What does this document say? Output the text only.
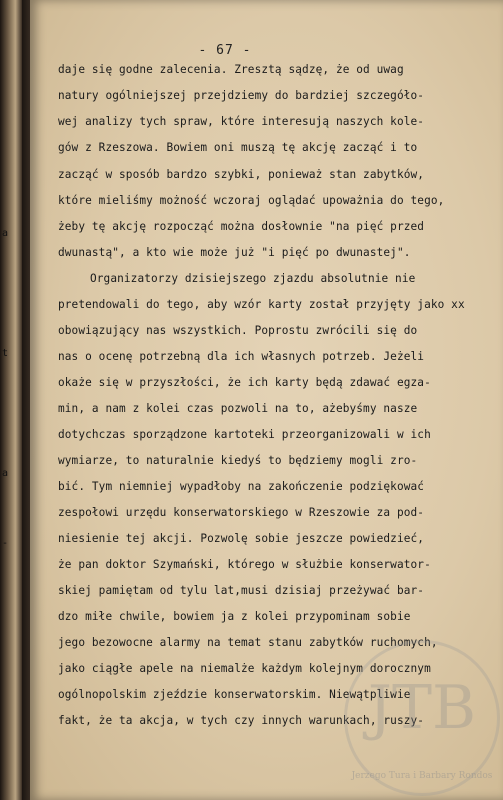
a
t
a
-
- 67 -

daje się godne zalecenia. Zresztą sądzę, że od uwag

natury ogólniejszej przejdziemy do bardziej szczegóło-

wej analizy tych spraw, które interesują naszych kole-

gów z Rzeszowa. Bowiem oni muszą tę akcję zacząć i to

zacząć w sposób bardzo szybki, ponieważ stan zabytków,

które mieliśmy możność wczoraj oglądać upoważnia do tego,

żeby tę akcję rozpocząć można dosłownie "na pięć przed

dwunastą", a kto wie może już "i pięć po dwunastej".

Organizatorzy dzisiejszego zjazdu absolutnie nie

pretendowali do tego, aby wzór karty został przyjęty jako xx

obowiązujący nas wszystkich. Poprostu zwrócili się do

nas o ocenę potrzebną dla ich własnych potrzeb. Jeżeli

okaże się w przyszłości, że ich karty będą zdawać egza-

min, a nam z kolei czas pozwoli na to, ażebyśmy nasze

dotychczas sporządzone kartoteki przeorganizowali w ich

wymiarze, to naturalnie kiedyś to będziemy mogli zro-

bić. Tym niemniej wypadłoby na zakończenie podziękować

zespołowi urzędu konserwatorskiego w Rzeszowie za pod-

niesienie tej akcji. Pozwolę sobie jeszcze powiedzieć,

że pan doktor Szymański, którego w służbie konserwator-

skiej pamiętam od tylu lat,musi dzisiaj przeżywać bar-

dzo miłe chwile, bowiem ja z kolei przypominam sobie

jego bezowocne alarmy na temat stanu zabytków ruchomych,

jako ciągłe apele na niemalże każdym kolejnym dorocznym

ogólnopolskim zjeździe konserwatorskim. Niewątpliwie

fakt, że ta akcja, w tych czy innych warunkach, ruszy-

JTB
Jerzego Tura i Barbary Rondos
